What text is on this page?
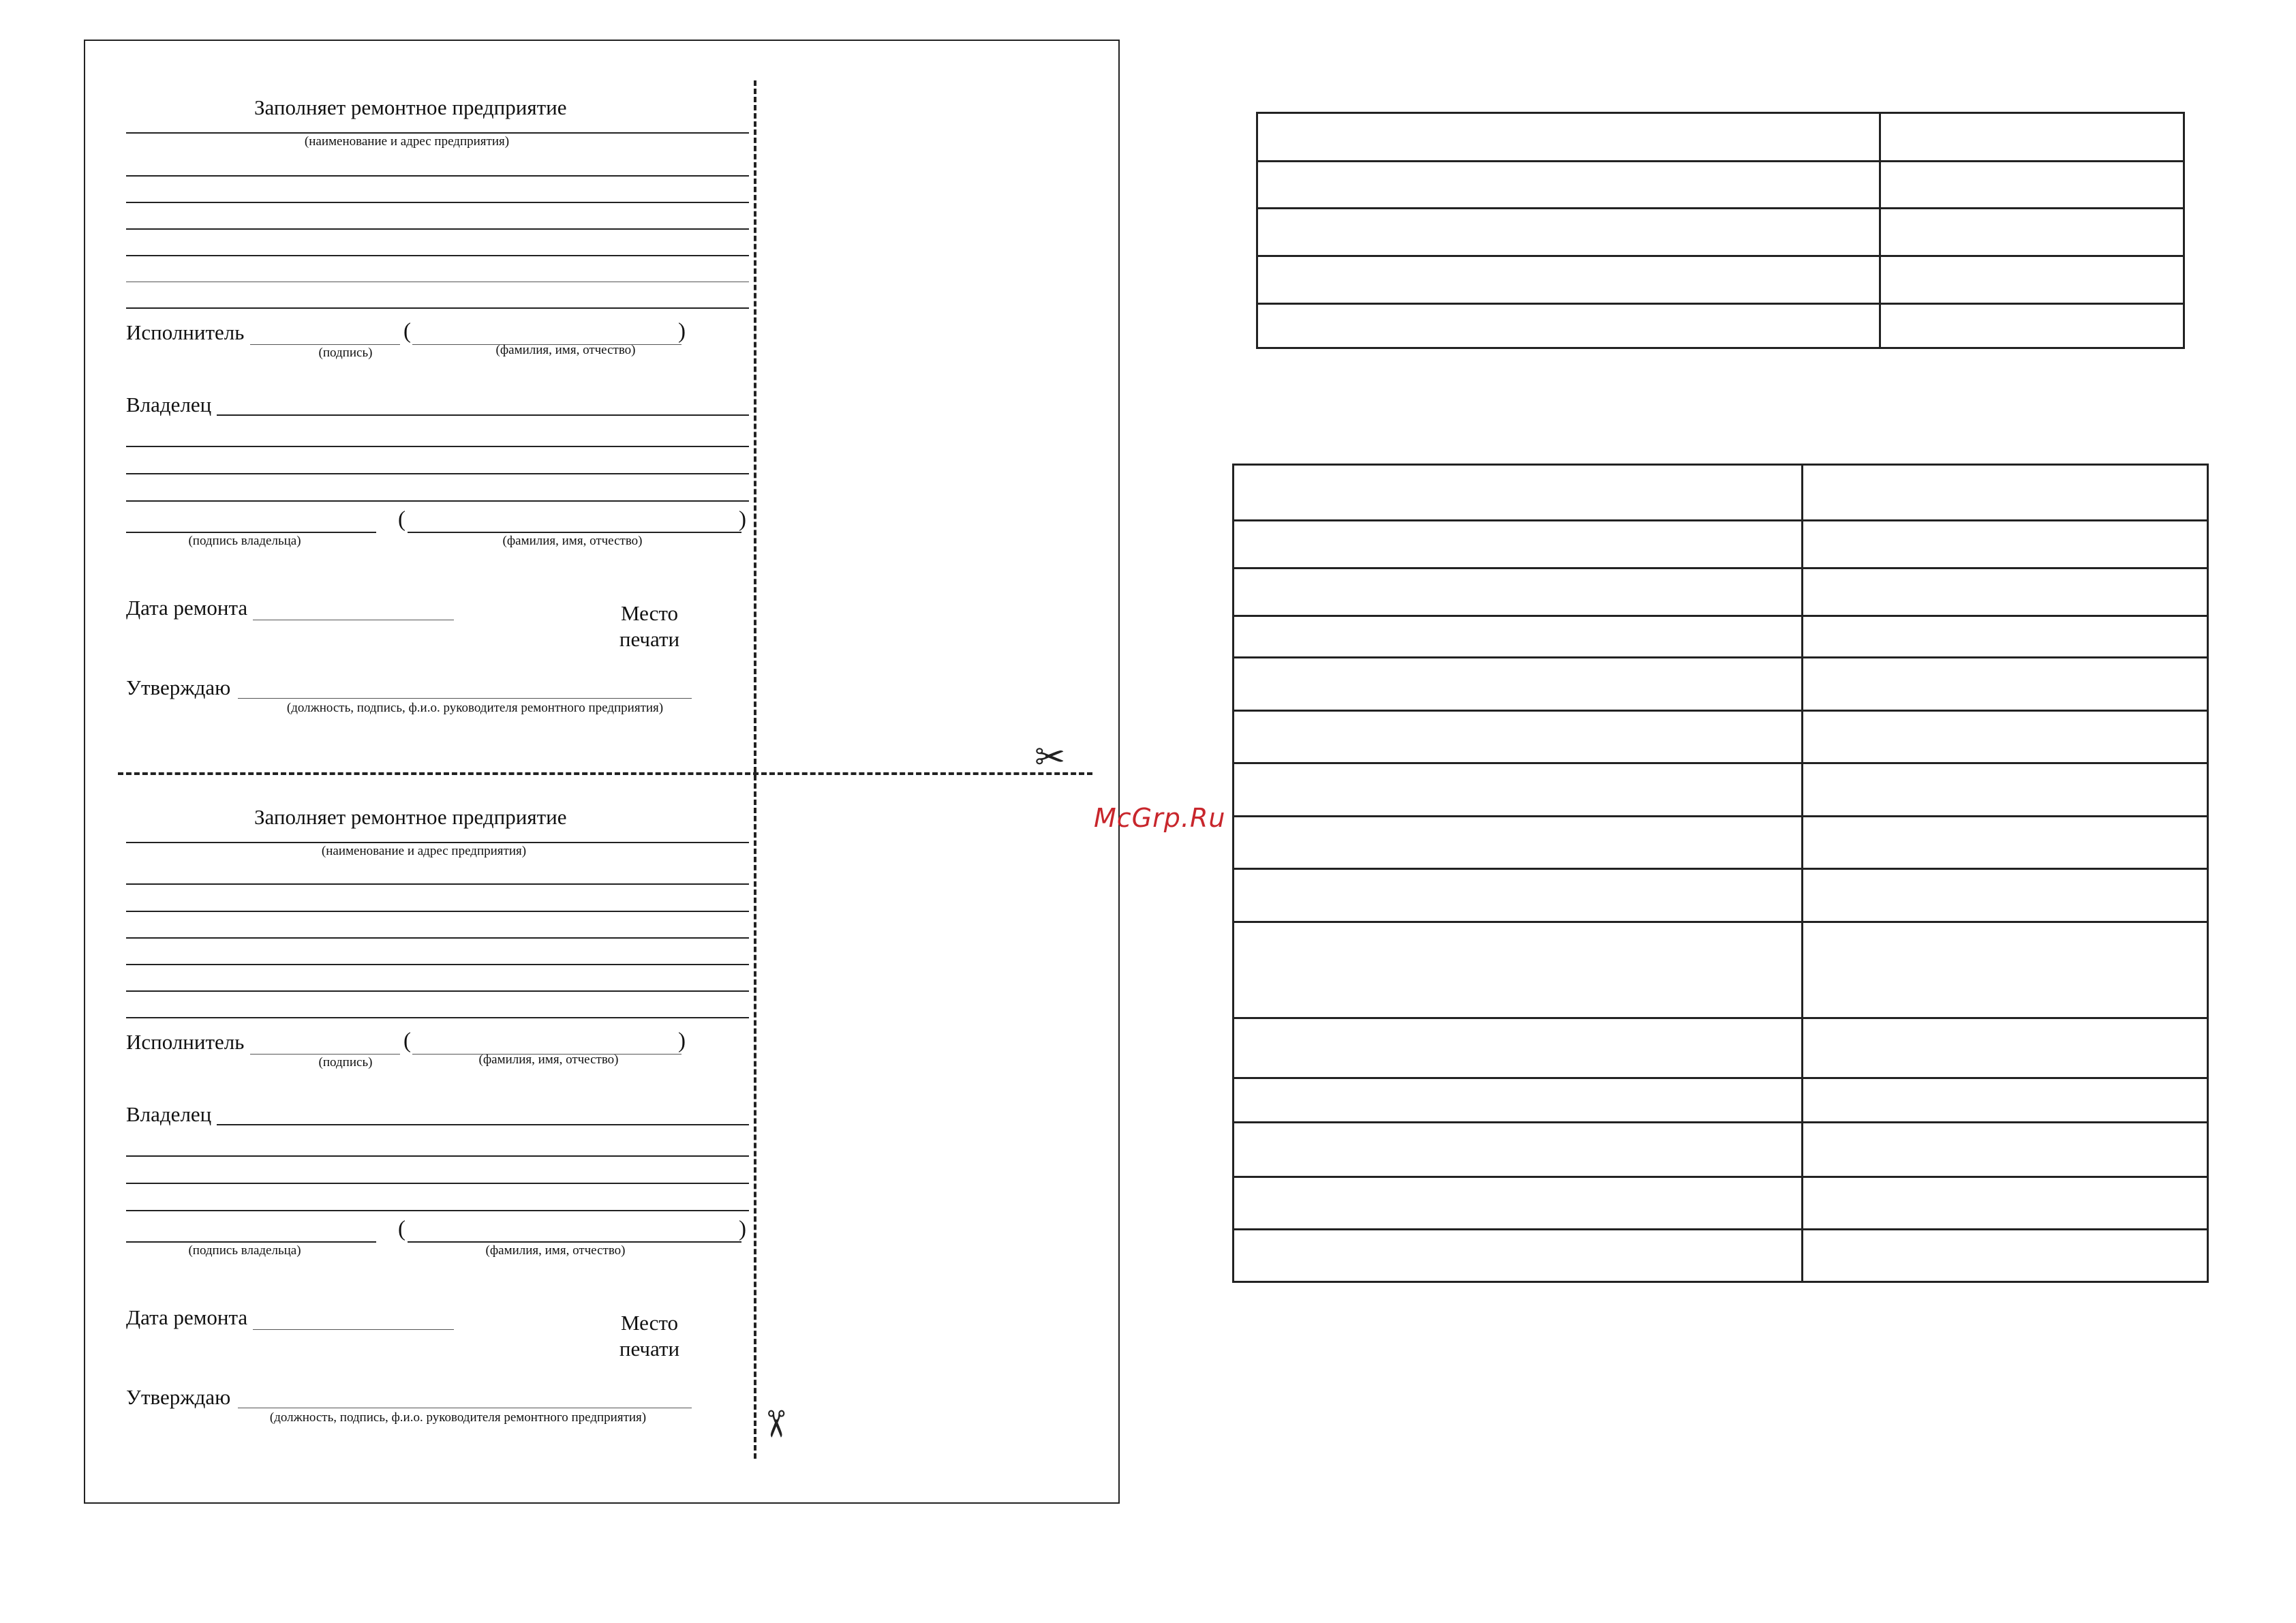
✂
✂
Заполняет ремонтное предприятие
(наименование и адрес предприятия)
Исполнитель	(	)
(подпись)	(фамилия, имя, отчество)
Владелец
(	)
(подпись владельца)	(фамилия, имя, отчество)
Дата ремонта	Место
печати
Утверждаю
(должность, подпись, ф.и.о. руководителя ремонтного предприятия)
Заполняет ремонтное предприятие
(наименование и адрес предприятия)
Исполнитель	(	)
(подпись)	(фамилия, имя, отчество)
Владелец
(	)
(подпись владельца)	(фамилия, имя, отчество)
Дата ремонта	Место
печати
Утверждаю
(должность, подпись, ф.и.о. руководителя ремонтного предприятия)
McGrp.Ru
